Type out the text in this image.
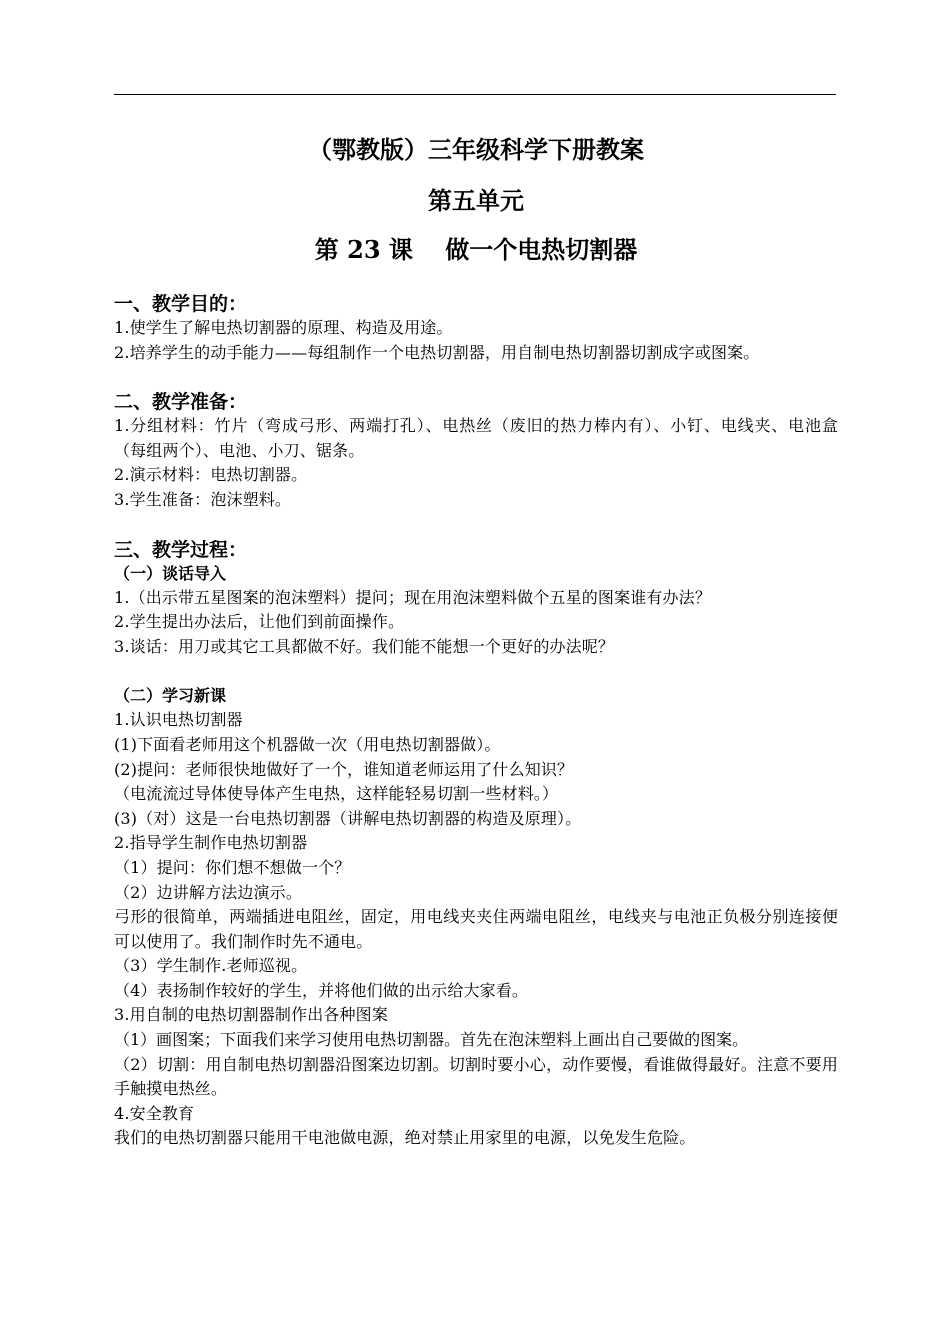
（鄂教版）三年级科学下册教案
第五单元
第 23 课　 做一个电热切割器
一、教学目的：
1.使学生了解电热切割器的原理、构造及用途。
2.培养学生的动手能力——每组制作一个电热切割器，用自制电热切割器切割成字或图案。
二、教学准备：
1.分组材料：竹片（弯成弓形、两端打孔）、电热丝（废旧的热力棒内有）、小钉、电线夹、电池盒（每组两个）、电池、小刀、锯条。
2.演示材料：电热切割器。
3.学生准备：泡沫塑料。
三、教学过程：
（一）谈话导入
1.（出示带五星图案的泡沫塑料）提问；现在用泡沫塑料做个五星的图案谁有办法？
2.学生提出办法后，让他们到前面操作。
3.谈话：用刀或其它工具都做不好。我们能不能想一个更好的办法呢？
（二）学习新课
1.认识电热切割器
(1)下面看老师用这个机器做一次（用电热切割器做）。
(2)提问：老师很快地做好了一个，谁知道老师运用了什么知识？
（电流流过导体使导体产生电热，这样能轻易切割一些材料。）
(3)（对）这是一台电热切割器（讲解电热切割器的构造及原理）。
2.指导学生制作电热切割器
（1）提问：你们想不想做一个？
（2）边讲解方法边演示。
弓形的很简单，两端插进电阻丝，固定，用电线夹夹住两端电阻丝，电线夹与电池正负极分别连接便可以使用了。我们制作时先不通电。
（3）学生制作.老师巡视。
（4）表扬制作较好的学生，并将他们做的出示给大家看。
3.用自制的电热切割器制作出各种图案
（1）画图案；下面我们来学习使用电热切割器。首先在泡沫塑料上画出自己要做的图案。
（2）切割：用自制电热切割器沿图案边切割。切割时要小心，动作要慢，看谁做得最好。注意不要用手触摸电热丝。
4.安全教育
我们的电热切割器只能用干电池做电源，绝对禁止用家里的电源，以免发生危险。
